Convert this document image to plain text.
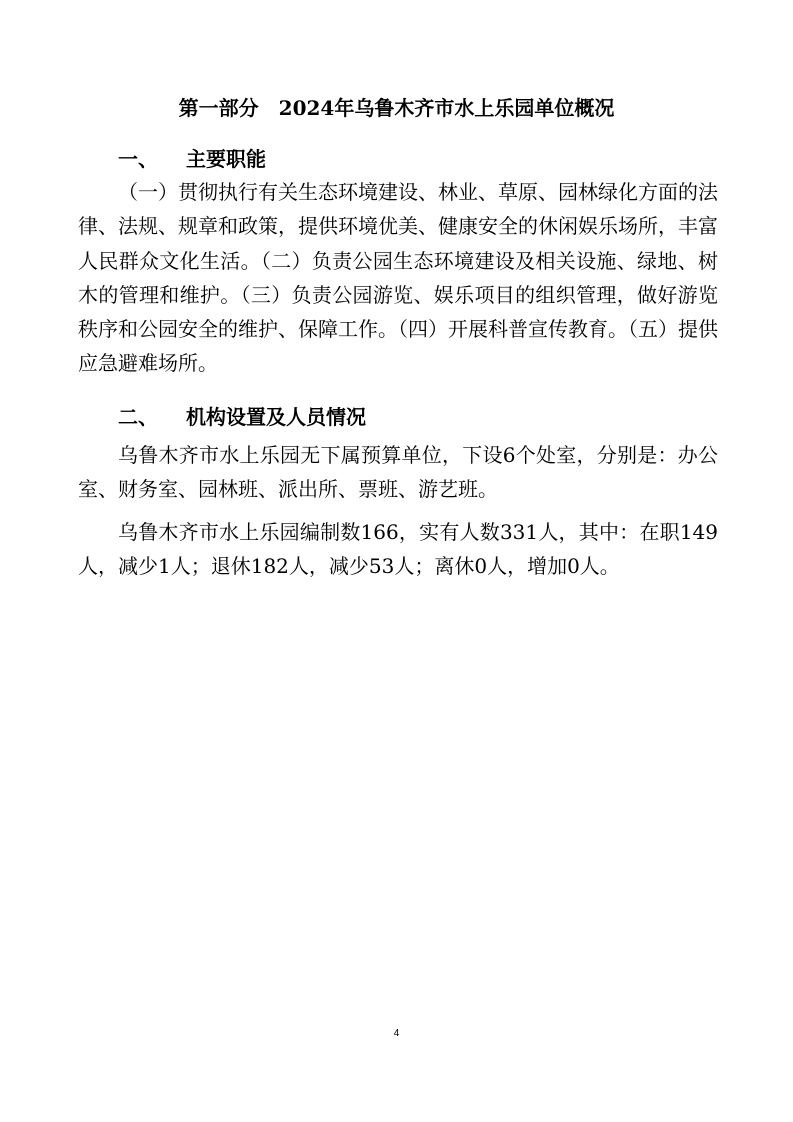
第一部分　2024年乌鲁木齐市水上乐园单位概况
一、 主要职能

（一）贯彻执行有关生态环境建设、林业、草原、园林绿化方面的法律、法规、规章和政策，提供环境优美、健康安全的休闲娱乐场所，丰富人民群众文化生活。（二）负责公园生态环境建设及相关设施、绿地、树木的管理和维护。（三）负责公园游览、娱乐项目的组织管理，做好游览秩序和公园安全的维护、保障工作。（四）开展科普宣传教育。（五）提供应急避难场所。

二、 机构设置及人员情况

乌鲁木齐市水上乐园无下属预算单位，下设6个处室，分别是：办公室、财务室、园林班、派出所、票班、游艺班。

乌鲁木齐市水上乐园编制数166，实有人数331人，其中：在职149人，减少1人；退休182人，减少53人；离休0人，增加0人。

4
